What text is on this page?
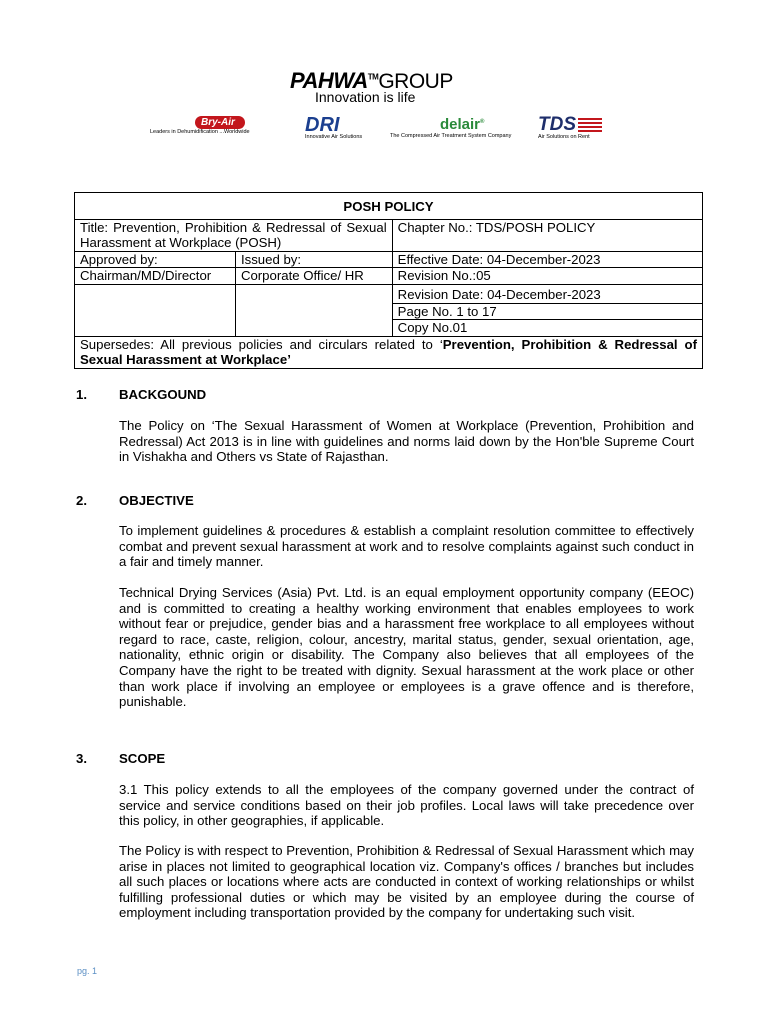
PAHWA™GROUP
Innovation is life
Bry-Air
Leaders in Dehumidification ...Worldwide	DRI
Innovative Air Solutions
delair®
The Compressed Air Treatment System Company
TDS
Air Solutions on Rent
POSH POLICY		

Title: Prevention, Prohibition & Redressal of Sexual Harassment at Workplace (POSH)		Chapter No.: TDS/POSH POLICY
Approved by:	Issued by:	Effective Date: 04-December-2023
Chairman/MD/Director	Corporate Office/ HR	Revision No.:05
		Revision Date: 04-December-2023
		Page No. 1 to 17
		Copy No.01
Supersedes: All previous policies and circulars related to ‘Prevention, Prohibition & Redressal of Sexual Harassment at Workplace’		
1. BACKGOUND
The Policy on ‘The Sexual Harassment of Women at Workplace (Prevention, Prohibition and Redressal) Act 2013 is in line with guidelines and norms laid down by the Hon'ble Supreme Court in Vishakha and Others vs State of Rajasthan.
2. OBJECTIVE
To implement guidelines & procedures & establish a complaint resolution committee to effectively combat and prevent sexual harassment at work and to resolve complaints against such conduct in a fair and timely manner.
Technical Drying Services (Asia) Pvt. Ltd. is an equal employment opportunity company (EEOC) and is committed to creating a healthy working environment that enables employees to work without fear or prejudice, gender bias and a harassment free workplace to all employees without regard to race, caste, religion, colour, ancestry, marital status, gender, sexual orientation, age, nationality, ethnic origin or disability. The Company also believes that all employees of the Company have the right to be treated with dignity. Sexual harassment at the work place or other than work place if involving an employee or employees is a grave offence and is therefore, punishable.
3. SCOPE
3.1 This policy extends to all the employees of the company governed under the contract of service and service conditions based on their job profiles. Local laws will take precedence over this policy, in other geographies, if applicable.
The Policy is with respect to Prevention, Prohibition & Redressal of Sexual Harassment which may arise in places not limited to geographical location viz. Company's offices / branches but includes all such places or locations where acts are conducted in context of working relationships or whilst fulfilling professional duties or which may be visited by an employee during the course of employment including transportation provided by the company for undertaking such visit.
pg. 1
